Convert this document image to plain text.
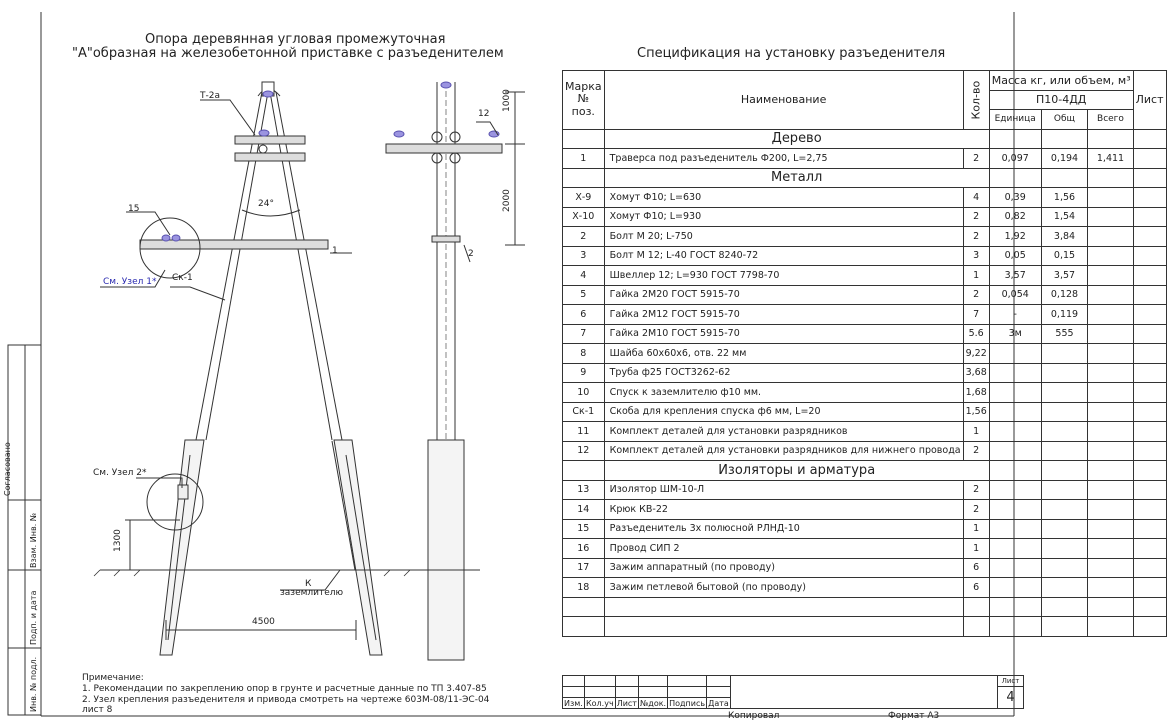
Согласовано
Взам. Инв. №
Подп. и дата
Инв. № подл.
Опора деревянная угловая промежуточная
"А"образная на железобетонной приставке с разъеденителем
Т-2а
15
См. Узел 1* Ск-1
24°
1
См. Узел 2*
1300
К
заземлителю
4500
12
1000
2000
2
Примечание:
1. Рекомендации по закреплению опор в грунте и расчетные данные по ТП 3.407-85
2. Узел крепления разъеденителя и привода смотреть на чертеже 603М-08/11-ЭС-04
лист 8
Спецификация на установку разъеденителя
Марка
№
поз.	Наименование	Кол-во	Масса кг, или объем, м³			Лист
			П10-4ДД			
			Единица	Общ	Всего	
	Дерево					
1	Траверса под разъеденитель Ф200, L=2,75	2	0,097	0,194	1,411	
	Металл					
Х-9	Хомут Ф10; L=630	4	0,39	1,56		
Х-10	Хомут Ф10; L=930	2	0,82	1,54		
2	Болт М 20; L-750	2	1,92	3,84		
3	Болт М 12; L-40 ГОСТ 8240-72	3	0,05	0,15		
4	Швеллер 12; L=930 ГОСТ 7798-70	1	3,57	3,57		
5	Гайка 2М20 ГОСТ 5915-70	2	0,054	0,128		
6	Гайка 2М12 ГОСТ 5915-70	7	-	0,119		
7	Гайка 2М10 ГОСТ 5915-70	5.6	3м	555		
8	Шайба 60х60х6, отв. 22 мм	9,22				
9	Труба ф25 ГОСТ3262-62	3,68				
10	Спуск к заземлителю ф10 мм.	1,68				
Ск-1	Скоба для крепления спуска ф6 мм, L=20	1,56				
11	Комплект деталей для установки разрядников	1				
12	Комплект деталей для установки разрядников для нижнего провода	2				
	Изоляторы и арматура					
13	Изолятор ШМ-10-Л	2				
14	Крюк КВ-22	2				
15	Разъеденитель 3х полюсной РЛНД-10	1				
16	Провод СИП 2	1				
17	Зажим аппаратный (по проводу)	6				
18	Зажим петлевой бытовой (по проводу)	6				

							Лист
							4
Изм.	Кол.уч	Лист	№док.	Подпись	Дата		
Копировал	Формат А3
